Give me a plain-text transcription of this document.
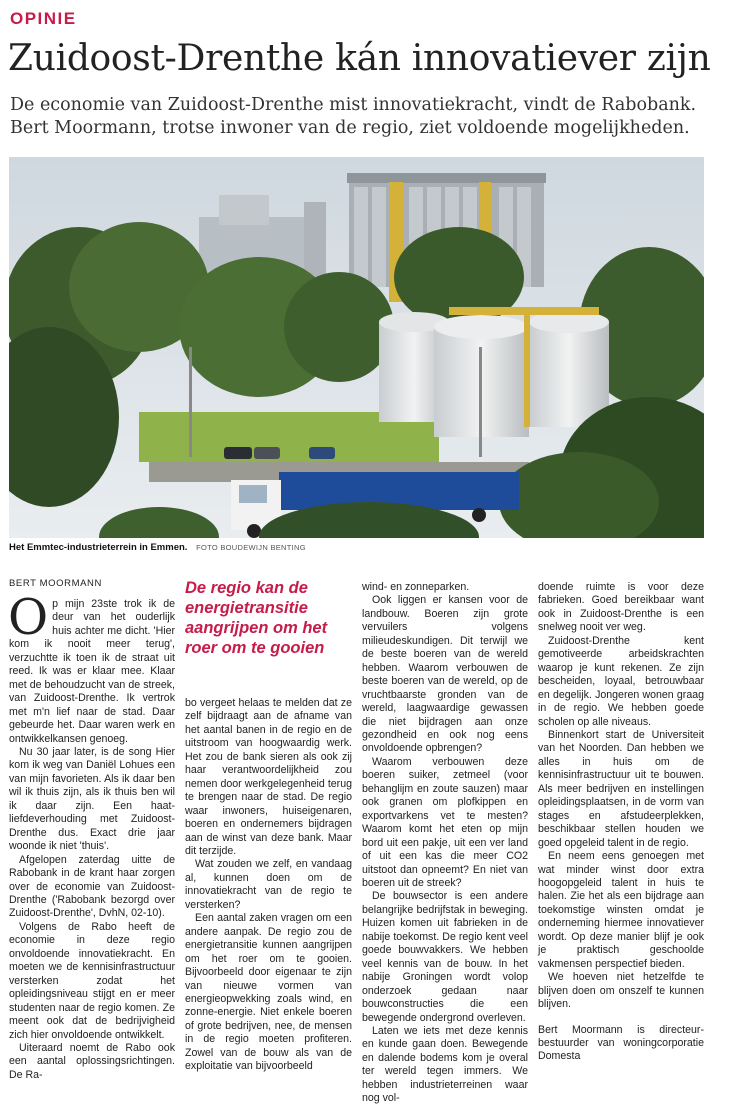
OPINIE
Zuidoost-Drenthe kán innovatiever zijn
De economie van Zuidoost-Drenthe mist innovatiekracht, vindt de Rabobank.
Bert Moormann, trotse inwoner van de regio, ziet voldoende mogelijkheden.
Het Emmtec-industrieterrein in Emmen. FOTO BOUDEWIJN BENTING
BERT MOORMANN

Op mijn 23ste trok ik de deur van het ouderlijk huis achter me dicht. 'Hier kom ik nooit meer terug', verzuchtte ik toen ik de straat uit reed. Ik was er klaar mee. Klaar met de behoudzucht van de streek, van Zuidoost-Drenthe. Ik vertrok met m'n lief naar de stad. Daar gebeurde het. Daar waren werk en ontwikkelkansen genoeg.

Nu 30 jaar later, is de song Hier kom ik weg van Daniël Lohues een van mijn favorieten. Als ik daar ben wil ik thuis zijn, als ik thuis ben wil ik daar zijn. Een haat-liefdeverhouding met Zuidoost-Drenthe dus. Exact drie jaar woonde ik niet 'thuis'.

Afgelopen zaterdag uitte de Rabobank in de krant haar zorgen over de economie van Zuidoost-Drenthe ('Rabobank bezorgd over Zuidoost-Drenthe', DvhN, 02-10).

Volgens de Rabo heeft de economie in deze regio onvoldoende innovatiekracht. En moeten we de kennisinfrastructuur versterken zodat het opleidingsniveau stijgt en er meer studenten naar de regio komen. Ze meent ook dat de bedrijvigheid zich hier onvoldoende ontwikkelt.

Uiteraard noemt de Rabo ook een aantal oplossingsrichtingen. De Ra-

De regio kan de
energietransitie
aangrijpen om het
roer om te gooien

bo vergeet helaas te melden dat ze zelf bijdraagt aan de afname van het aantal banen in de regio en de uitstroom van hoogwaardig werk. Het zou de bank sieren als ook zij haar verantwoordelijkheid zou nemen door werkgelegenheid terug te brengen naar de stad. De regio waar inwoners, huiseigenaren, boeren en ondernemers bijdragen aan de winst van deze bank. Maar dit terzijde.

Wat zouden we zelf, en vandaag al, kunnen doen om de innovatiekracht van de regio te versterken?

Een aantal zaken vragen om een andere aanpak. De regio zou de energietransitie kunnen aangrijpen om het roer om te gooien. Bijvoorbeeld door eigenaar te zijn van nieuwe vormen van energieopwekking zoals wind, en zonne-energie. Niet enkele boeren of grote bedrijven, nee, de mensen in de regio moeten profiteren. Zowel van de bouw als van de exploitatie van bijvoorbeeld

wind- en zonneparken.

Ook liggen er kansen voor de landbouw. Boeren zijn grote vervuilers volgens milieudeskundigen. Dit terwijl we de beste boeren van de wereld hebben. Waarom verbouwen de beste boeren van de wereld, op de vruchtbaarste gronden van de wereld, laagwaardige gewassen die niet bijdragen aan onze gezondheid en ook nog eens onvoldoende opbrengen?

Waarom verbouwen deze boeren suiker, zetmeel (voor behanglijm en zoute sauzen) maar ook granen om plofkippen en exportvarkens vet te mesten? Waarom komt het eten op mijn bord uit een pakje, uit een ver land of uit een kas die meer CO2 uitstoot dan opneemt? En niet van boeren uit de streek?

De bouwsector is een andere belangrijke bedrijfstak in beweging. Huizen komen uit fabrieken in de nabije toekomst. De regio kent veel goede bouwvakkers. We hebben veel kennis van de bouw. In het nabije Groningen wordt volop onderzoek gedaan naar bouwconstructies die een bewegende ondergrond overleven.

Laten we iets met deze kennis en kunde gaan doen. Bewegende en dalende bodems kom je overal ter wereld tegen immers. We hebben industrieterreinen waar nog vol-

doende ruimte is voor deze fabrieken. Goed bereikbaar want ook in Zuidoost-Drenthe is een snelweg nooit ver weg.

Zuidoost-Drenthe kent gemotiveerde arbeidskrachten waarop je kunt rekenen. Ze zijn bescheiden, loyaal, betrouwbaar en degelijk. Jongeren wonen graag in de regio. We hebben goede scholen op alle niveaus.

Binnenkort start de Universiteit van het Noorden. Dan hebben we alles in huis om de kennisinfrastructuur uit te bouwen. Als meer bedrijven en instellingen opleidingsplaatsen, in de vorm van stages en afstudeerplekken, beschikbaar stellen houden we goed opgeleid talent in de regio.

En neem eens genoegen met wat minder winst door extra hoogopgeleid talent in huis te halen. Zie het als een bijdrage aan toekomstige winsten omdat je onderneming hiermee innovatiever wordt. Op deze manier blijf je ook je praktisch geschoolde vakmensen perspectief bieden.

We hoeven niet hetzelfde te blijven doen om onszelf te kunnen blijven.

Bert Moormann is directeur-bestuurder van woningcorporatie Domesta
